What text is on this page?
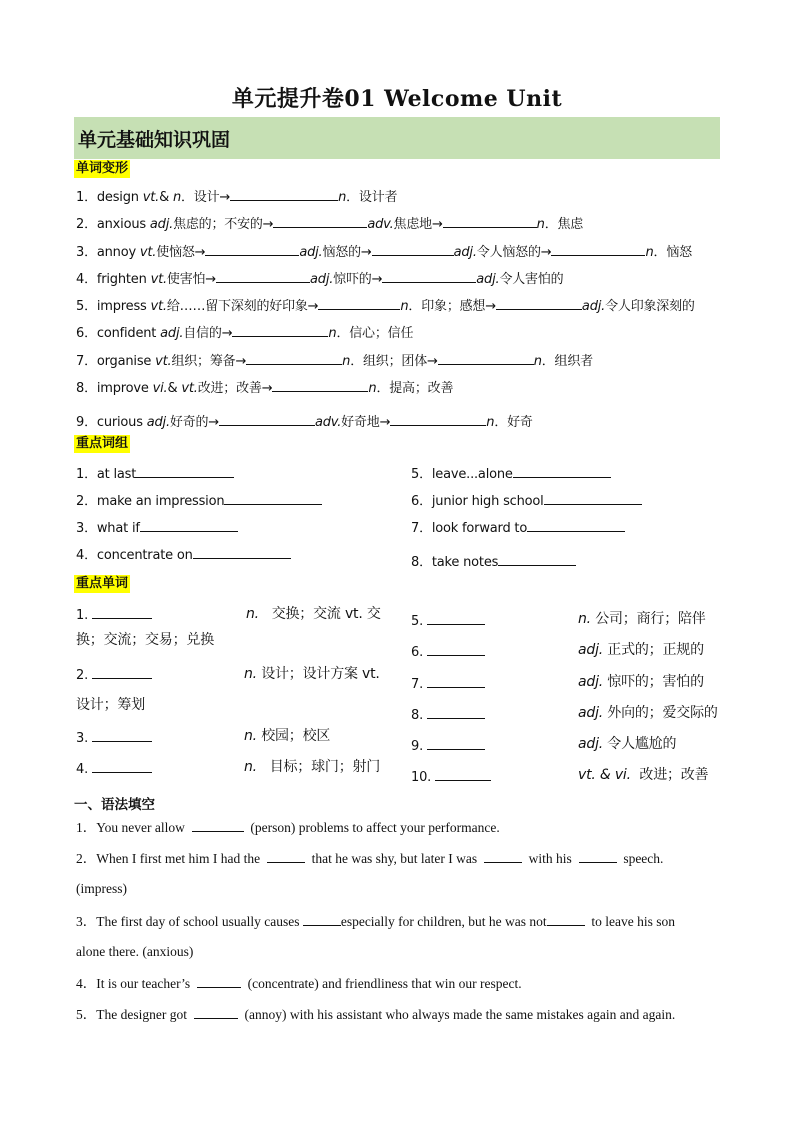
单元提升卷01 Welcome Unit
单元基础知识巩固
单词变形
1．design vt.& n．设计→	n．设计者
2．anxious adj.焦虑的；不安的→	adv.焦虑地→	n．焦虑
3．annoy vt.使恼怒→	adj.恼怒的→	adj.令人恼怒的→	n．恼怒
4．frighten vt.使害怕→	adj.惊吓的→	adj.令人害怕的
5．impress vt.给……留下深刻的好印象→	n．印象；感想→	adj.令人印象深刻的
6．confident adj.自信的→	n．信心；信任
7．organise vt.组织；筹备→	n．组织；团体→	n．组织者
8．improve vi.& vt.改进；改善→	n．提高；改善
9．curious adj.好奇的→	adv.好奇地→	n．好奇
重点词组
1．at last
2．make an impression
3．what if
4．concentrate on
5．leave...alone
6．junior high school
7．look forward to
8．take notes
重点单词
1.	n. 交换；交流 vt. 交
换；交流；交易；兑换
2.	n. 设计；设计方案 vt.
设计；筹划
3.	n. 校园；校区
4.	n. 目标；球门；射门
5.	n. 公司；商行；陪伴
6.	adj. 正式的；正规的
7.	adj. 惊吓的；害怕的
8.	adj. 外向的；爱交际的
9.	adj. 令人尴尬的
10.	vt. & vi. 改进；改善
一、语法填空
1．You never allow	(person) problems to affect your performance.
2．When I first met him I had the	that he was shy, but later I was	with his	speech.
(impress)
3．The first day of school usually causes	especially for children, but he was not	to leave his son
alone there. (anxious)
4．It is our teacher’s	(concentrate) and friendliness that win our respect.
5．The designer got	(annoy) with his assistant who always made the same mistakes again and again.
